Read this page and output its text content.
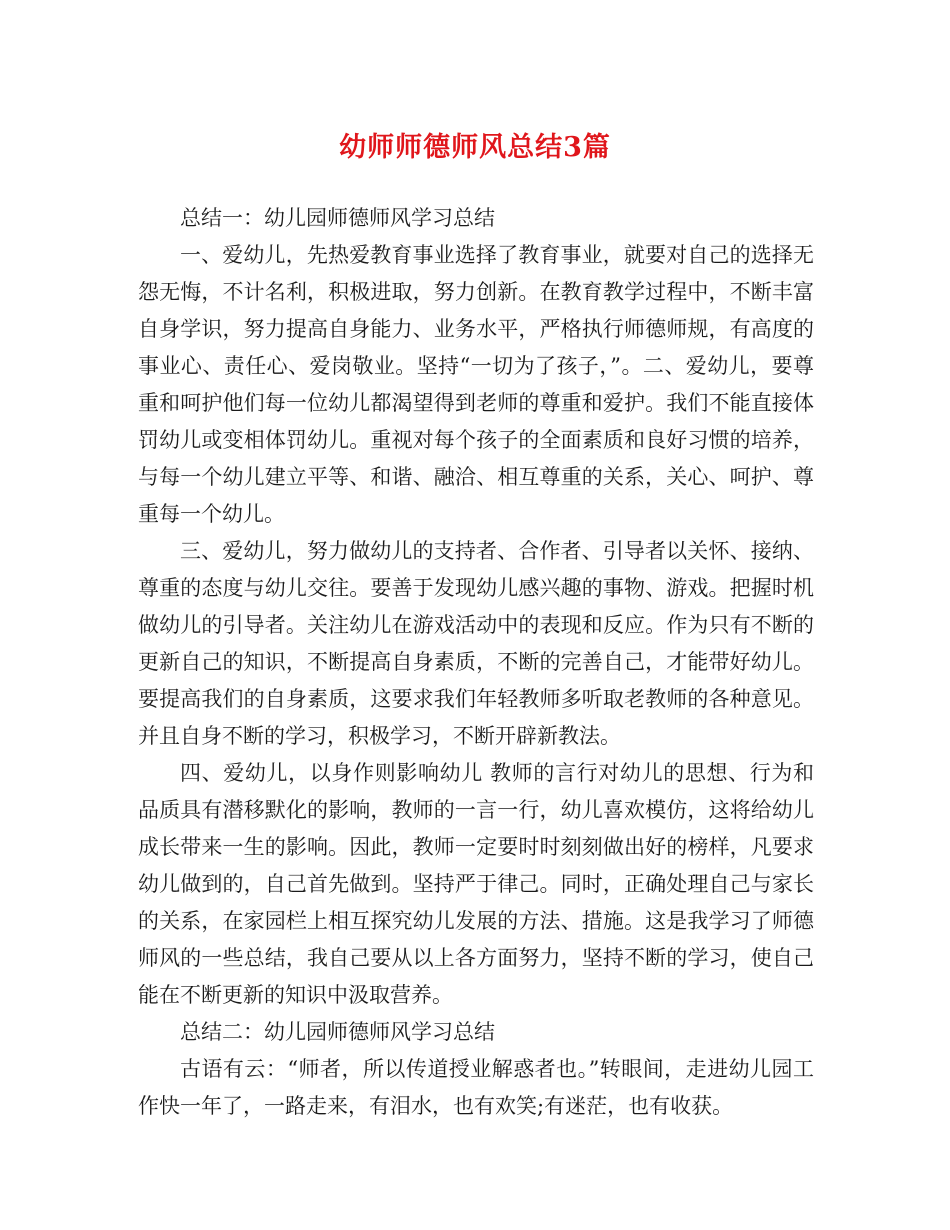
幼师师德师风总结3篇

总结一：幼儿园师德师风学习总结

一、爱幼儿，先热爱教育事业选择了教育事业，就要对自己的选择无怨无悔，不计名利，积极进取，努力创新。在教育教学过程中，不断丰富自身学识，努力提高自身能力、业务水平，严格执行师德师规，有高度的事业心、责任心、爱岗敬业。坚持“一切为了孩子，”。二、爱幼儿，要尊重和呵护他们每一位幼儿都渴望得到老师的尊重和爱护。我们不能直接体罚幼儿或变相体罚幼儿。重视对每个孩子的全面素质和良好习惯的培养，与每一个幼儿建立平等、和谐、融洽、相互尊重的关系，关心、呵护、尊重每一个幼儿。

三、爱幼儿，努力做幼儿的支持者、合作者、引导者以关怀、接纳、尊重的态度与幼儿交往。要善于发现幼儿感兴趣的事物、游戏。把握时机做幼儿的引导者。关注幼儿在游戏活动中的表现和反应。作为只有不断的更新自己的知识，不断提高自身素质，不断的完善自己，才能带好幼儿。要提高我们的自身素质，这要求我们年轻教师多听取老教师的各种意见。并且自身不断的学习，积极学习，不断开辟新教法。

四、爱幼儿，以身作则影响幼儿 教师的言行对幼儿的思想、行为和品质具有潜移默化的影响，教师的一言一行，幼儿喜欢模仿，这将给幼儿成长带来一生的影响。因此，教师一定要时时刻刻做出好的榜样，凡要求幼儿做到的，自己首先做到。坚持严于律己。同时，正确处理自己与家长的关系，在家园栏上相互探究幼儿发展的方法、措施。这是我学习了师德师风的一些总结，我自己要从以上各方面努力，坚持不断的学习，使自己能在不断更新的知识中汲取营养。

总结二：幼儿园师德师风学习总结

古语有云：“师者，所以传道授业解惑者也。”转眼间，走进幼儿园工作快一年了，一路走来，有泪水，也有欢笑;有迷茫，也有收获。
